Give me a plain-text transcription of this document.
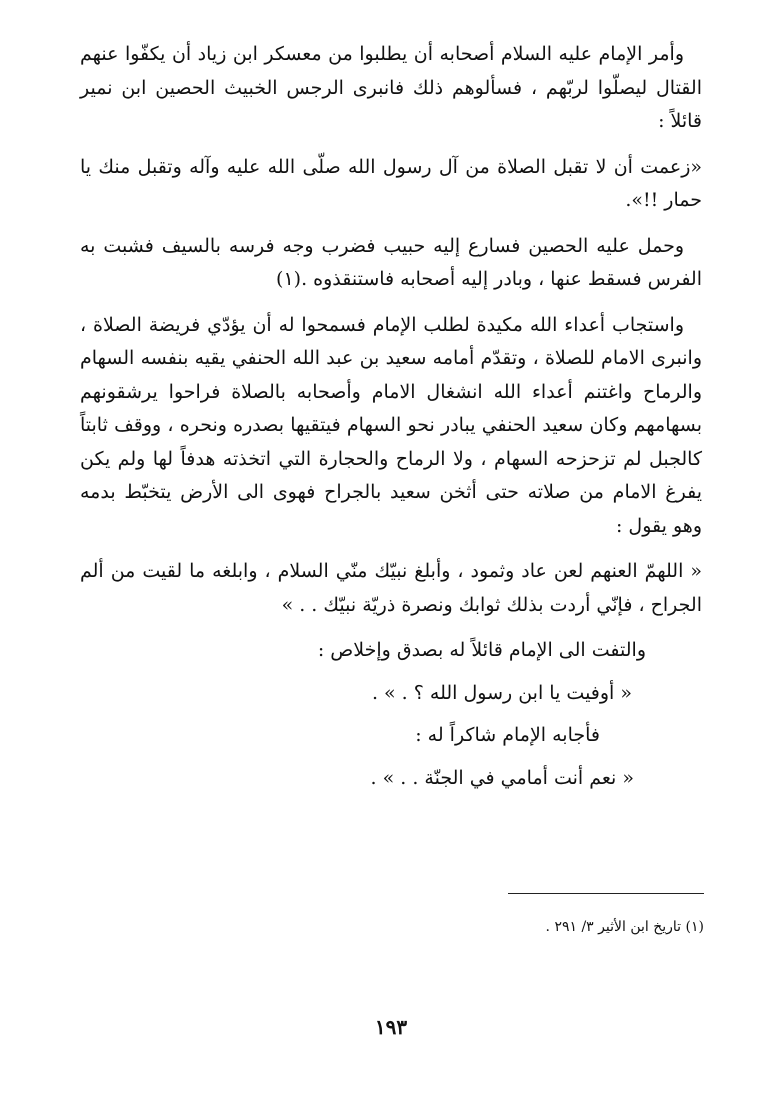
وأمر الإمام عليه السلام أصحابه أن يطلبوا من معسكر ابن زياد أن يكفّوا عنهم القتال ليصلّوا لربّهم ، فسألوهم ذلك فانبرى الرجس الخبيث الحصين ابن نمير قائلاً :

«زعمت أن لا تقبل الصلاة من آل رسول الله صلّى الله عليه وآله وتقبل منك يا حمار !!».

وحمل عليه الحصين فسارع إليه حبيب فضرب وجه فرسه بالسيف فشبت به الفرس فسقط عنها ، وبادر إليه أصحابه فاستنقذوه .(١)

واستجاب أعداء الله مكيدة لطلب الإمام فسمحوا له أن يؤدّي فريضة الصلاة ، وانبرى الامام للصلاة ، وتقدّم أمامه سعيد بن عبد الله الحنفي يقيه بنفسه السهام والرماح واغتنم أعداء الله انشغال الامام وأصحابه بالصلاة فراحوا يرشقونهم بسهامهم وكان سعيد الحنفي يبادر نحو السهام فيتقيها بصدره ونحره ، ووقف ثابتاً كالجبل لم تزحزحه السهام ، ولا الرماح والحجارة التي اتخذته هدفاً لها ولم يكن يفرغ الامام من صلاته حتى أثخن سعيد بالجراح فهوى الى الأرض يتخبّط بدمه وهو يقول :

« اللهمّ العنهم لعن عاد وثمود ، وأبلغ نبيّك منّي السلام ، وابلغه ما لقيت من ألم الجراح ، فإنّي أردت بذلك ثوابك ونصرة ذريّة نبيّك . . »

والتفت الى الإمام قائلاً له بصدق وإخلاص :

« أوفيت يا ابن رسول الله ؟ . » .

فأجابه الإمام شاكراً له :

« نعم أنت أمامي في الجنّة . . » .

(١) تاريخ ابن الأثير ٣/ ٢٩١ .
١٩٣
